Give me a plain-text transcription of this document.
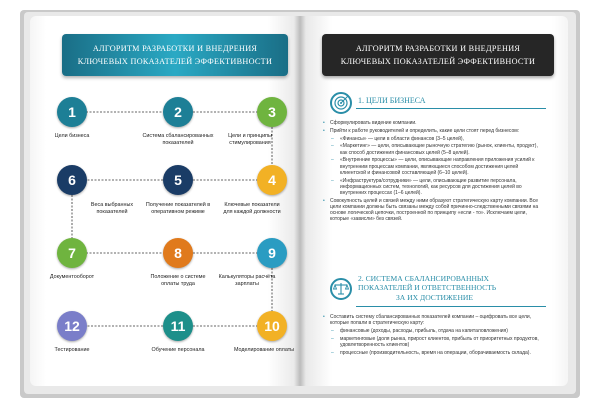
АЛГОРИТМ РАЗРАБОТКИ И ВНЕДРЕНИЯ
КЛЮЧЕВЫХ ПОКАЗАТЕЛЕЙ ЭФФЕКТИВНОСТИ
1
Цели бизнеса
2
Система сбалансированных показателей
3
Цели и принципы стимулирования
4
Ключевые показатели для каждой должности
5
Получение показателей в оперативном режиме
6
Веса выбранных показателей
7
Документооборот
8
Положение о системе оплаты труда
9
Калькуляторы расчёта зарплаты
10
Моделирование оплаты
11
Обучение персонала
12
Тестирование
АЛГОРИТМ РАЗРАБОТКИ И ВНЕДРЕНИЯ
КЛЮЧЕВЫХ ПОКАЗАТЕЛЕЙ ЭФФЕКТИВНОСТИ
1. ЦЕЛИ БИЗНЕСА
• Сформулировать видение компании.
• Прийти к работе руководителей и определить, какие цели стоят перед бизнесом:
– «Финансы» — цели в области финансов (3–5 целей),
– «Маркетинг» — цели, описывающие рыночную стратегию (рынок, клиенты, продукт), как способ достижения финансовых целей (5–8 целей).
– «Внутренние процессы» — цели, описывающие направления приложения усилий к внутренним процессам компании, являющиеся способом достижения целей клиентской и финансовой составляющей (6–10 целей).
– «Инфраструктура/сотрудники» — цели, описывающие развитие персонала, информационных систем, технологий, как ресурсов для достижения целей во внутренних процессах (1–6 целей).
• Совокупность целей и связей между ними образуют стратегическую карту компании. Все цели компании должны быть связаны между собой причинно-следственными связями на основе логической цепочки, построенной по принципу «если - то». Исключаем цели, которые «зависли» без связей.
2. СИСТЕМА СБАЛАНСИРОВАННЫХ
ПОКАЗАТЕЛЕЙ И ОТВЕТСТВЕННОСТЬ
ЗА ИХ ДОСТИЖЕНИЕ
• Составить систему сбалансированных показателей компании – оцифровать все цели, которые попали в стратегическую карту:
– финансовые (доходы, расходы, прибыль, отдача на капиталовложения)
– маркетинговые (доля рынка, прирост клиентов, прибыль от приоритетных продуктов, удовлетворенность клиентов)
– процессные (производительность, время на операции, оборачиваемость склада).
